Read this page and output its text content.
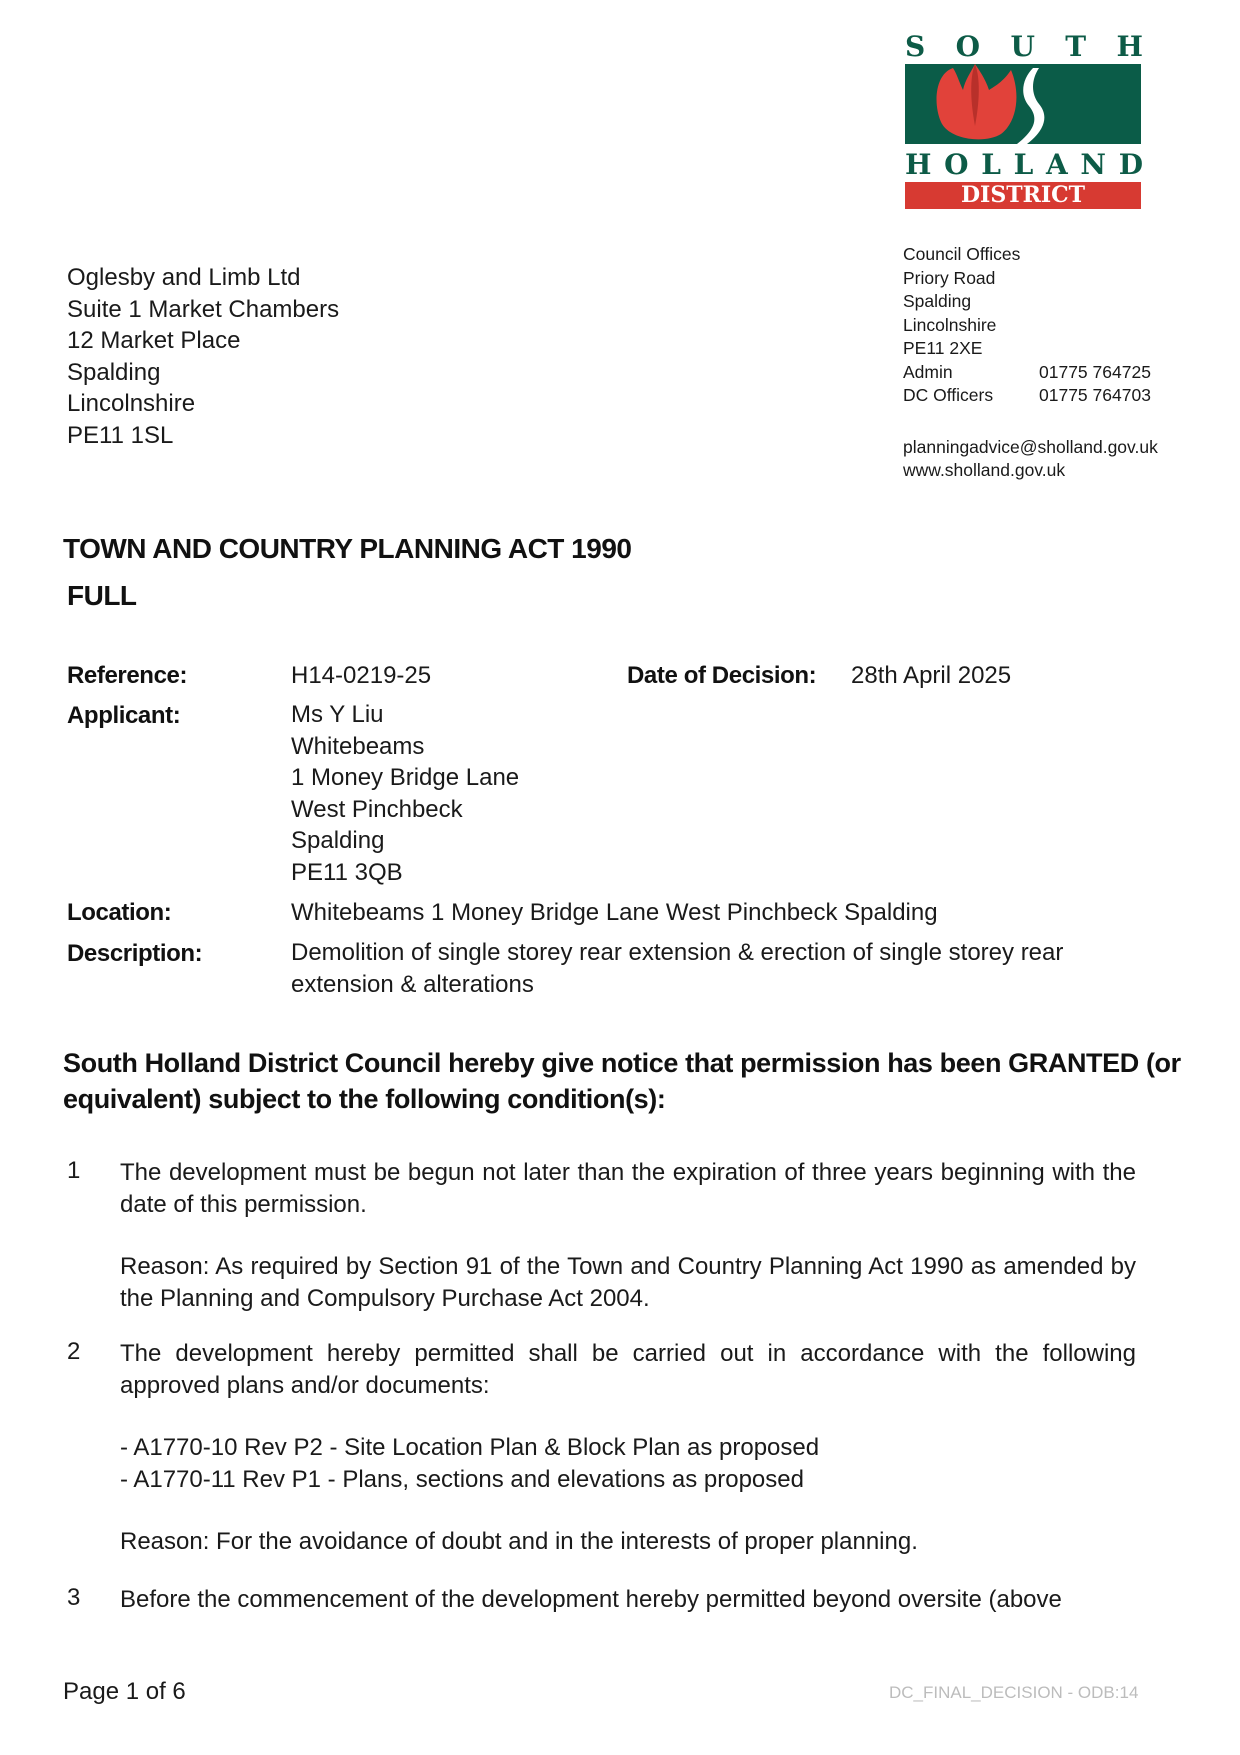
S O U T H
H O L L A N D
DISTRICT COUNCIL
Oglesby and Limb Ltd
Suite 1 Market Chambers
12 Market Place
Spalding
Lincolnshire
PE11 1SL
Council Offices
Priory Road
Spalding
Lincolnshire
PE11 2XE
Admin	01775 764725
DC Officers	01775 764703
planningadvice@sholland.gov.uk
www.sholland.gov.uk
TOWN AND COUNTRY PLANNING ACT 1990
FULL
Reference:	H14-0219-25	Date of Decision: 28th April 2025
Applicant:	Ms Y Liu
Whitebeams
1 Money Bridge Lane
West Pinchbeck
Spalding
PE11 3QB
Location:	Whitebeams 1 Money Bridge Lane West Pinchbeck Spalding
Description:	Demolition of single storey rear extension & erection of single storey rear extension & alterations
South Holland District Council hereby give notice that permission has been GRANTED (or equivalent) subject to the following condition(s):
1 The development must be begun not later than the expiration of three years beginning with the date of this permission.

Reason: As required by Section 91 of the Town and Country Planning Act 1990 as amended by the Planning and Compulsory Purchase Act 2004.

2 The development hereby permitted shall be carried out in accordance with the following approved plans and/or documents:

- A1770-10 Rev P2 - Site Location Plan & Block Plan as proposed

- A1770-11 Rev P1 - Plans, sections and elevations as proposed

Reason: For the avoidance of doubt and in the interests of proper planning.

3 Before the commencement of the development hereby permitted beyond oversite (above

Page 1 of 6	DC_FINAL_DECISION - ODB:14
